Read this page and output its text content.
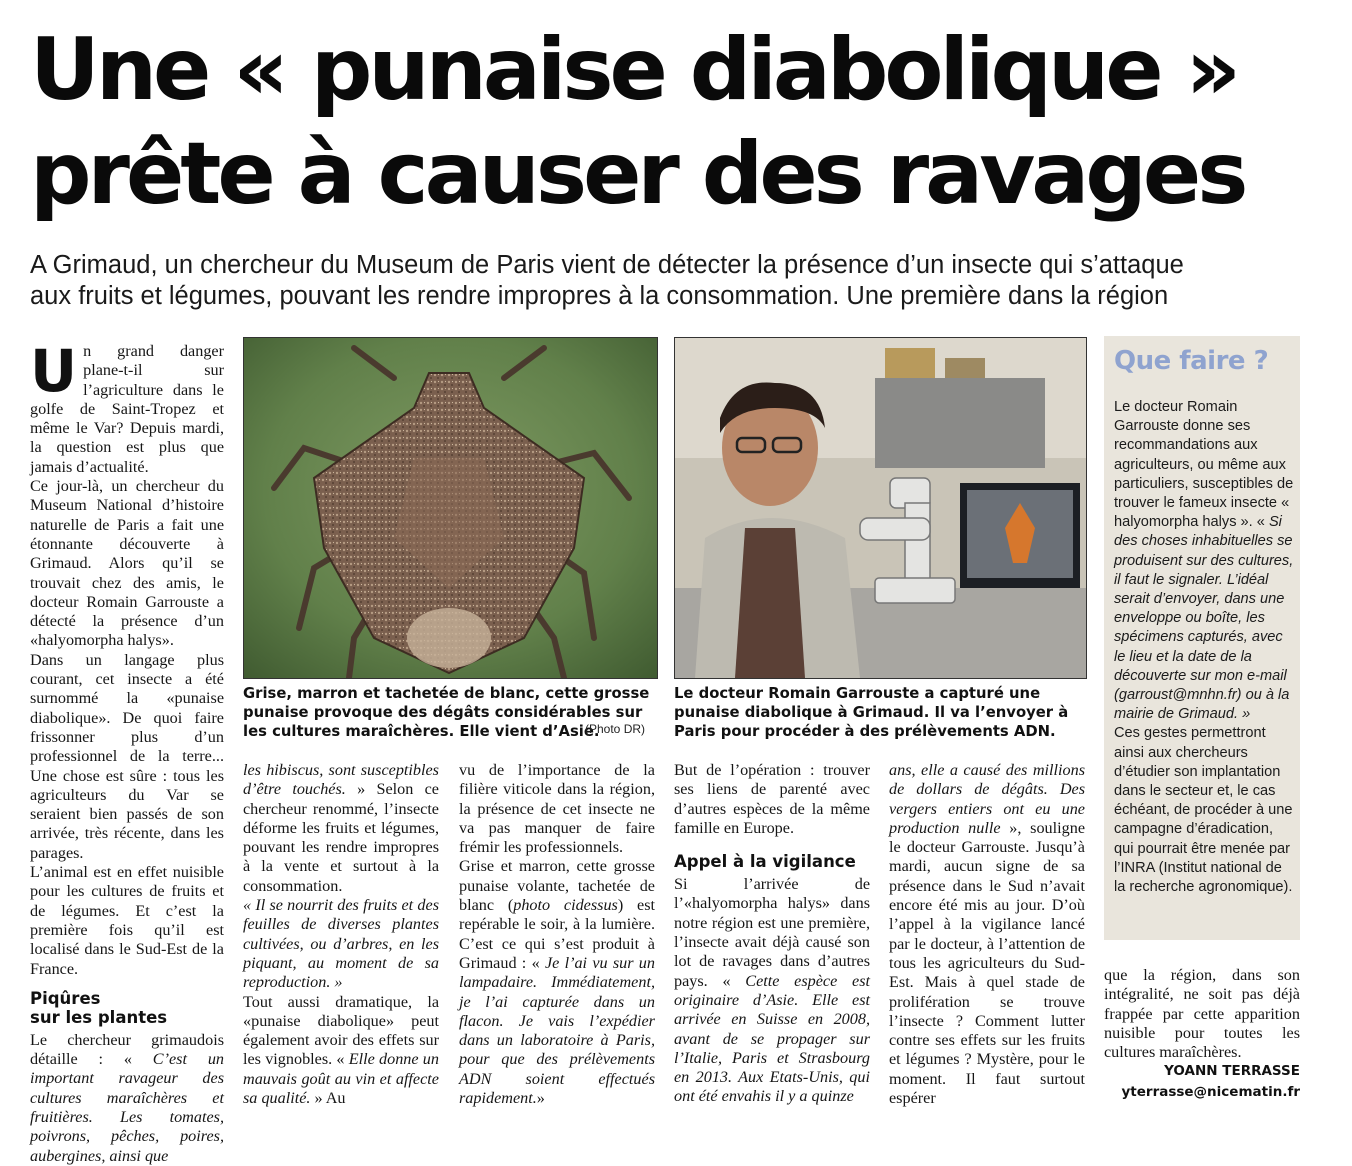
Une « punaise diabolique »
prête à causer des ravages
A Grimaud, un chercheur du Museum de Paris vient de détecter la présence d’un insecte qui s’attaque
aux fruits et légumes, pouvant les rendre impropres à la consommation. Une première dans la région

Un grand danger plane-t-il sur l’agriculture dans le golfe de Saint-Tropez et même le Var? Depuis mardi, la question est plus que jamais d’actualité.

Ce jour-là, un chercheur du Museum National d’histoire naturelle de Paris a fait une étonnante découverte à Grimaud. Alors qu’il se trouvait chez des amis, le docteur Romain Garrouste a détecté la présence d’un «halyomorpha halys».

Dans un langage plus courant, cet insecte a été surnommé la «punaise diabolique». De quoi faire frissonner plus d’un professionnel de la terre... Une chose est sûre : tous les agriculteurs du Var se seraient bien passés de son arrivée, très récente, dans les parages.

L’animal est en effet nuisible pour les cultures de fruits et de légumes. Et c’est la première fois qu’il est localisé dans le Sud-Est de la France.

Piqûres
sur les plantes

Le chercheur grimaudois détaille : « C’est un important ravageur des cultures maraîchères et fruitières. Les tomates, poivrons, pêches, poires, aubergines, ainsi que

Grise, marron et tachetée de blanc, cette grosse punaise provoque des dégâts considérables sur les cultures maraîchères. Elle vient d’Asie.
(Photo DR)
Le docteur Romain Garrouste a capturé une punaise diabolique à Grimaud. Il va l’envoyer à Paris pour procéder à des prélèvements ADN.

les hibiscus, sont susceptibles d’être touchés. » Selon ce chercheur renommé, l’insecte déforme les fruits et légumes, pouvant les rendre impropres à la vente et surtout à la consommation.

« Il se nourrit des fruits et des feuilles de diverses plantes cultivées, ou d’arbres, en les piquant, au moment de sa reproduction. »

Tout aussi dramatique, la «punaise diabolique» peut également avoir des effets sur les vignobles. « Elle donne un mauvais goût au vin et affecte sa qualité. » Au

vu de l’importance de la filière viticole dans la région, la présence de cet insecte ne va pas manquer de faire frémir les professionnels.

Grise et marron, cette grosse punaise volante, tachetée de blanc (photo cidessus) est repérable le soir, à la lumière. C’est ce qui s’est produit à Grimaud : « Je l’ai vu sur un lampadaire. Immédiatement, je l’ai capturée dans un flacon. Je vais l’expédier dans un laboratoire à Paris, pour que des prélèvements ADN soient effectués rapidement.»

But de l’opération : trouver ses liens de parenté avec d’autres espèces de la même famille en Europe.

Appel à la vigilance

Si l’arrivée de l’«halyomorpha halys» dans notre région est une première, l’insecte avait déjà causé son lot de ravages dans d’autres pays. « Cette espèce est originaire d’Asie. Elle est arrivée en Suisse en 2008, avant de se propager sur l’Italie, Paris et Strasbourg en 2013. Aux Etats-Unis, qui ont été envahis il y a quinze

ans, elle a causé des millions de dollars de dégâts. Des vergers entiers ont eu une production nulle », souligne le docteur Garrouste. Jusqu’à mardi, aucun signe de sa présence dans le Sud n’avait encore été mis au jour. D’où l’appel à la vigilance lancé par le docteur, à l’attention de tous les agriculteurs du Sud-Est. Mais à quel stade de prolifération se trouve l’insecte ? Comment lutter contre ses effets sur les fruits et légumes ? Mystère, pour le moment. Il faut surtout espérer

Que faire ?

Le docteur Romain Garrouste donne ses recommandations aux agriculteurs, ou même aux particuliers, susceptibles de trouver le fameux insecte « halyomorpha halys ». « Si des choses inhabituelles se produisent sur des cultures, il faut le signaler. L’idéal serait d’envoyer, dans une enveloppe ou boîte, les spécimens capturés, avec le lieu et la date de la découverte sur mon e-mail (garroust@mnhn.fr) ou à la mairie de Grimaud. »

Ces gestes permettront ainsi aux chercheurs d’étudier son implantation dans le secteur et, le cas échéant, de procéder à une campagne d’éradication, qui pourrait être menée par l’INRA (Institut national de la recherche agronomique).

que la région, dans son intégralité, ne soit pas déjà frappée par cette apparition nuisible pour toutes les cultures maraîchères.

YOANN TERRASSE
yterrasse@nicematin.fr
